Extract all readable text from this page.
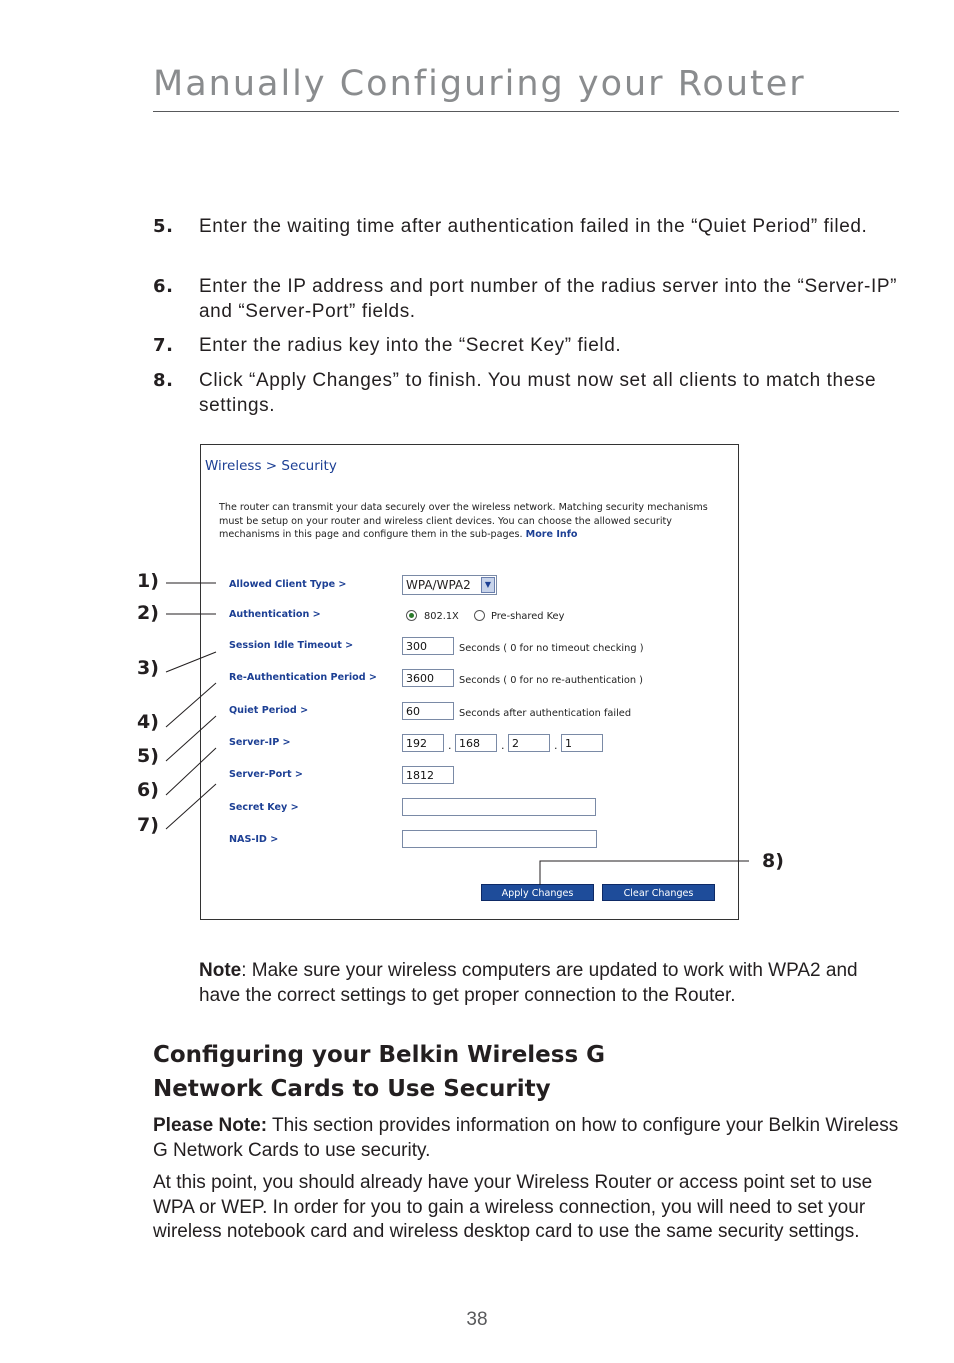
Manually Configuring your Router
5. Enter the waiting time after authentication failed in the “Quiet Period” filed.
6. Enter the IP address and port number of the radius server into the “Server-IP” and “Server-Port” fields.
7. Enter the radius key into the “Secret Key” field.
8. Click “Apply Changes” to finish. You must now set all clients to match these settings.
Wireless > Security
The router can transmit your data securely over the wireless network. Matching security mechanisms must be setup on your router and wireless client devices. You can choose the allowed security mechanisms in this page and configure them in the sub-pages. More Info
Allowed Client Type >	WPA/WPA2	▼
Authentication >	802.1X	Pre-shared Key
Session Idle Timeout >	300	Seconds ( 0 for no timeout checking )
Re-Authentication Period >	3600	Seconds ( 0 for no re-authentication )
Quiet Period >	60	Seconds after authentication failed
Server-IP >	192	. 168	. 2	. 1
Server-Port >	1812
Secret Key >
NAS-ID >
Apply Changes	Clear Changes
1)
2)
3)
4)
5)
6)
7)
8)
Note: Make sure your wireless computers are updated to work with WPA2 and have the correct settings to get proper connection to the Router.
Configuring your Belkin Wireless G
Network Cards to Use Security
Please Note: This section provides information on how to configure your Belkin Wireless G Network Cards to use security.
At this point, you should already have your Wireless Router or access point set to use WPA or WEP. In order for you to gain a wireless connection, you will need to set your wireless notebook card and wireless desktop card to use the same security settings.
38
